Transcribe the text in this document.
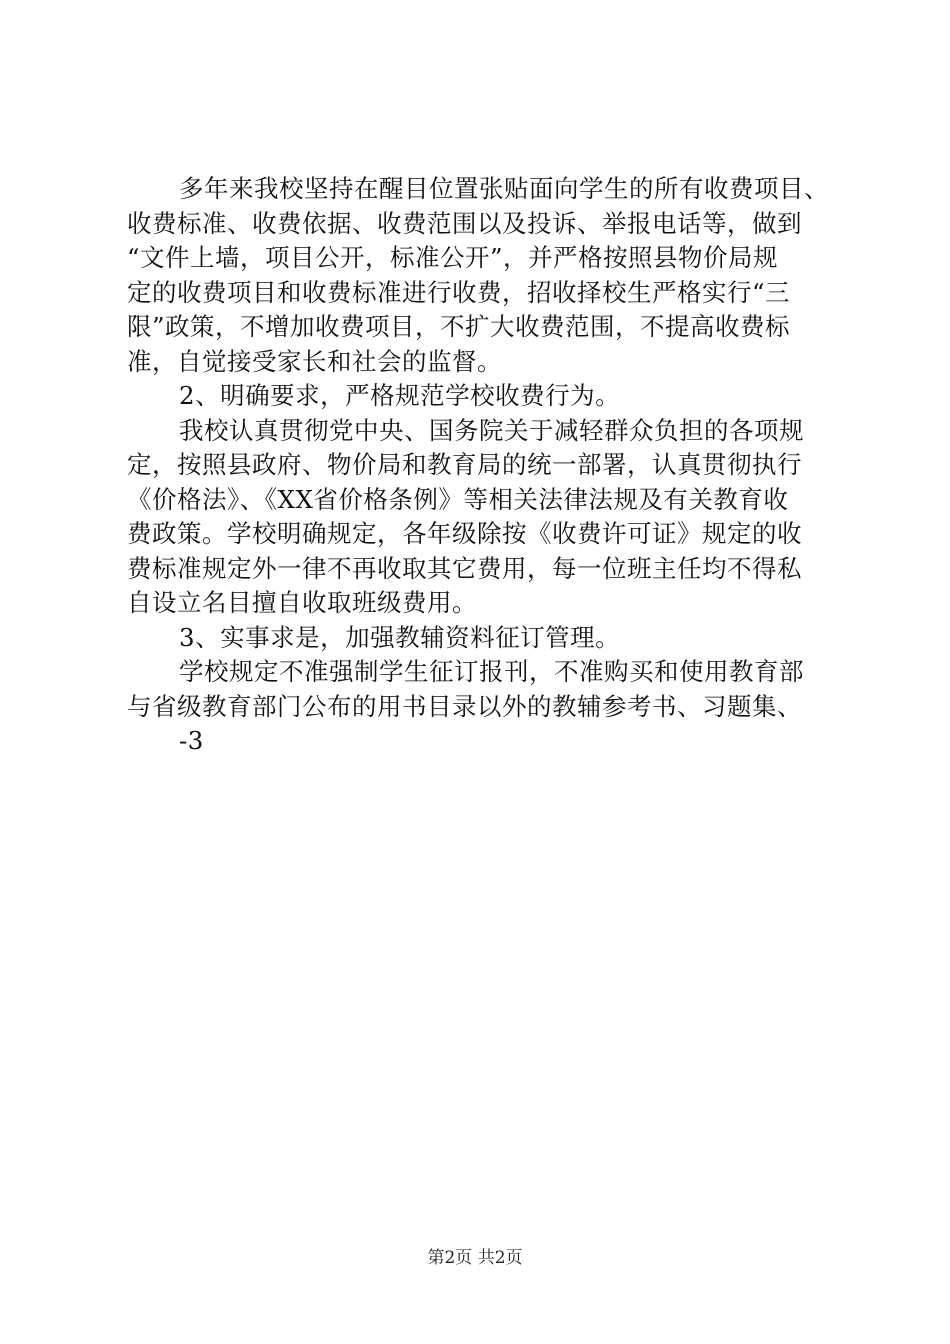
多年来我校坚持在醒目位置张贴面向学生的所有收费项目、
收费标准、收费依据、收费范围以及投诉、举报电话等，做到
“文件上墙，项目公开，标准公开”，并严格按照县物价局规
定的收费项目和收费标准进行收费，招收择校生严格实行“三
限”政策，不增加收费项目，不扩大收费范围，不提高收费标
准，自觉接受家长和社会的监督。
2、明确要求，严格规范学校收费行为。
我校认真贯彻党中央、国务院关于减轻群众负担的各项规
定，按照县政府、物价局和教育局的统一部署，认真贯彻执行
《价格法》、《XX省价格条例》等相关法律法规及有关教育收
费政策。学校明确规定，各年级除按《收费许可证》规定的收
费标准规定外一律不再收取其它费用，每一位班主任均不得私
自设立名目擅自收取班级费用。
3、实事求是，加强教辅资料征订管理。
学校规定不准强制学生征订报刊，不准购买和使用教育部
与省级教育部门公布的用书目录以外的教辅参考书、习题集、
-3
第2页 共2页
